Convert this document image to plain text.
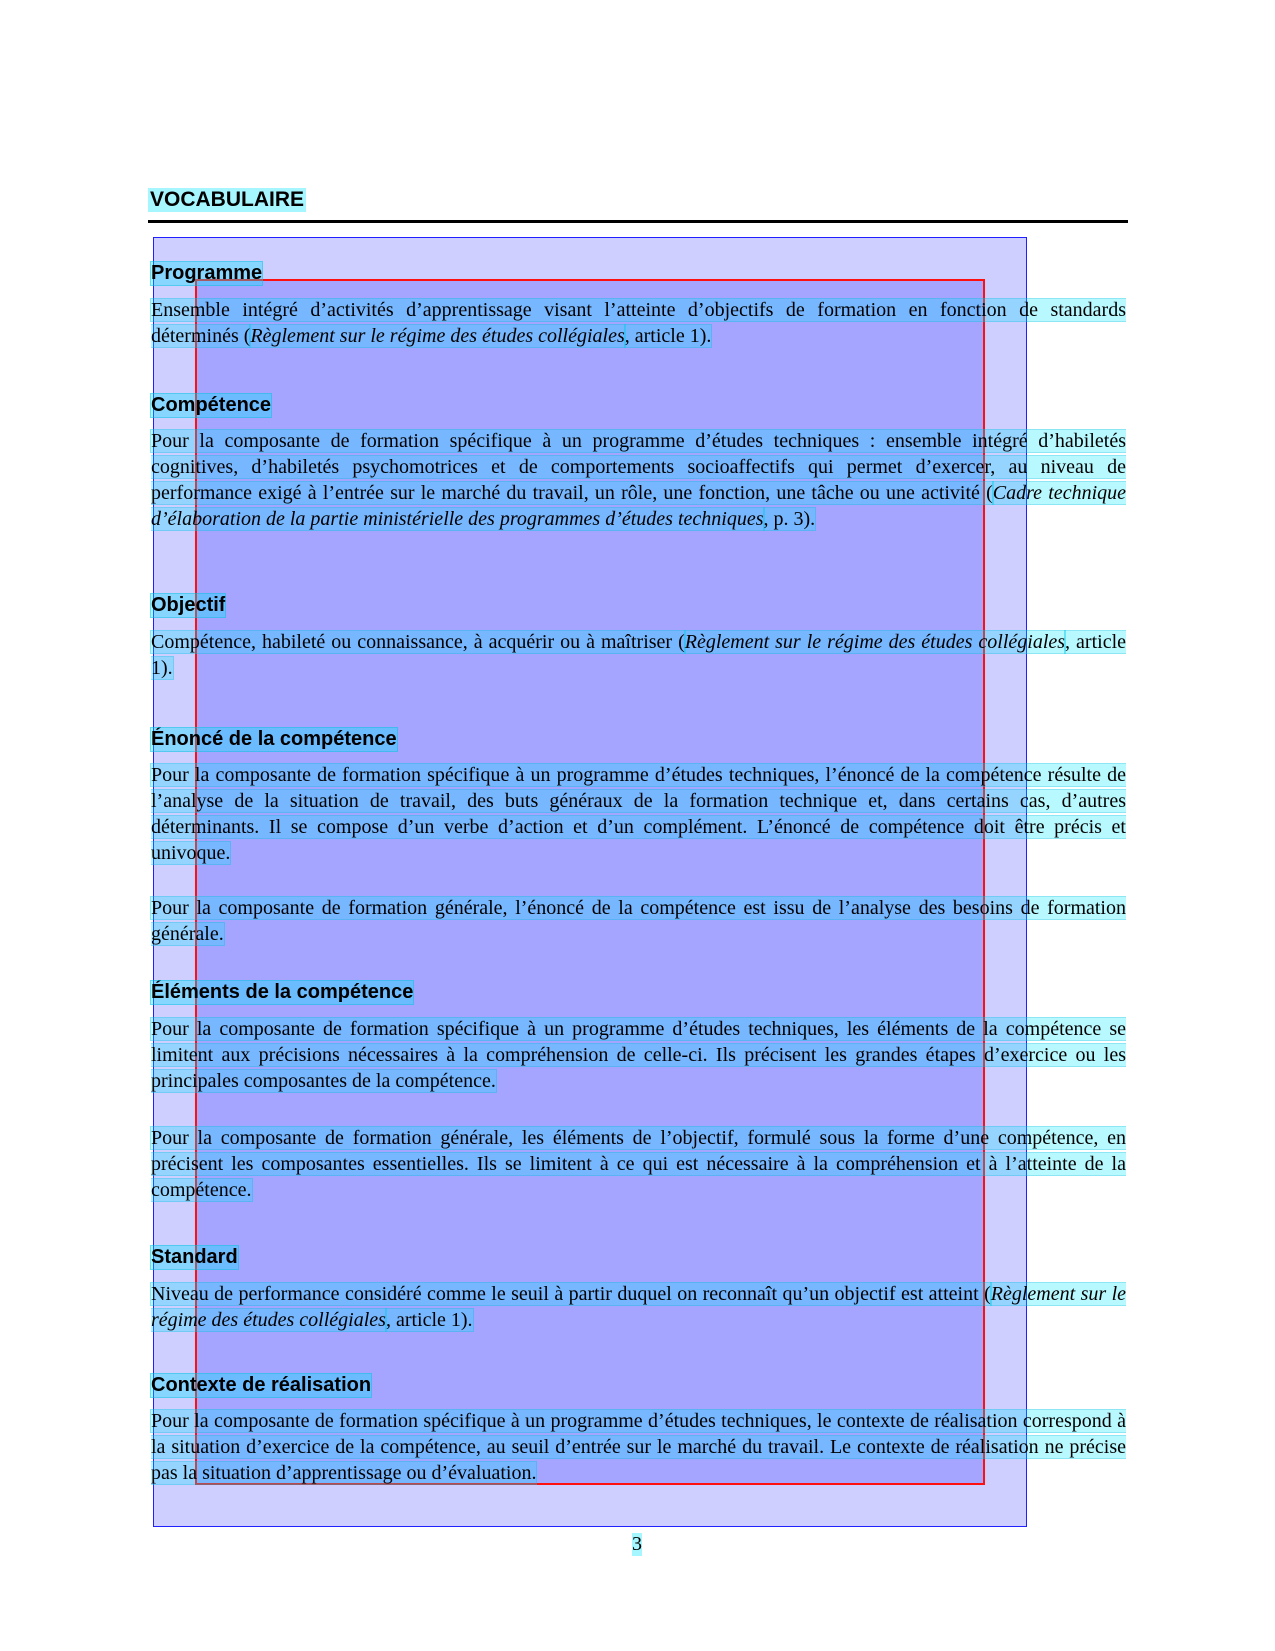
VOCABULAIRE
Programme
Ensemble intégré d’activités d’apprentissage visant l’atteinte d’objectifs de formation en fonction de standards déterminés (Règlement sur le régime des études collégiales, article 1).
Compétence
Pour la composante de formation spécifique à un programme d’études techniques : ensemble intégré d’habiletés cognitives, d’habiletés psychomotrices et de comportements socioaffectifs qui permet d’exercer, au niveau de performance exigé à l’entrée sur le marché du travail, un rôle, une fonction, une tâche ou une activité (Cadre technique d’élaboration de la partie ministérielle des programmes d’études techniques, p. 3).
Objectif
Compétence, habileté ou connaissance, à acquérir ou à maîtriser (Règlement sur le régime des études collégiales, article 1).
Énoncé de la compétence
Pour la composante de formation spécifique à un programme d’études techniques, l’énoncé de la compétence résulte de l’analyse de la situation de travail, des buts généraux de la formation technique et, dans certains cas, d’autres déterminants. Il se compose d’un verbe d’action et d’un complément. L’énoncé de compétence doit être précis et univoque.
Pour la composante de formation générale, l’énoncé de la compétence est issu de l’analyse des besoins de formation générale.
Éléments de la compétence
Pour la composante de formation spécifique à un programme d’études techniques, les éléments de la compétence se limitent aux précisions nécessaires à la compréhension de celle-ci. Ils précisent les grandes étapes d’exercice ou les principales composantes de la compétence.
Pour la composante de formation générale, les éléments de l’objectif, formulé sous la forme d’une compétence, en précisent les composantes essentielles. Ils se limitent à ce qui est nécessaire à la compréhension et à l’atteinte de la compétence.
Standard
Niveau de performance considéré comme le seuil à partir duquel on reconnaît qu’un objectif est atteint (Règlement sur le régime des études collégiales, article 1).
Contexte de réalisation
Pour la composante de formation spécifique à un programme d’études techniques, le contexte de réalisation correspond à la situation d’exercice de la compétence, au seuil d’entrée sur le marché du travail. Le contexte de réalisation ne précise pas la situation d’apprentissage ou d’évaluation.
3
